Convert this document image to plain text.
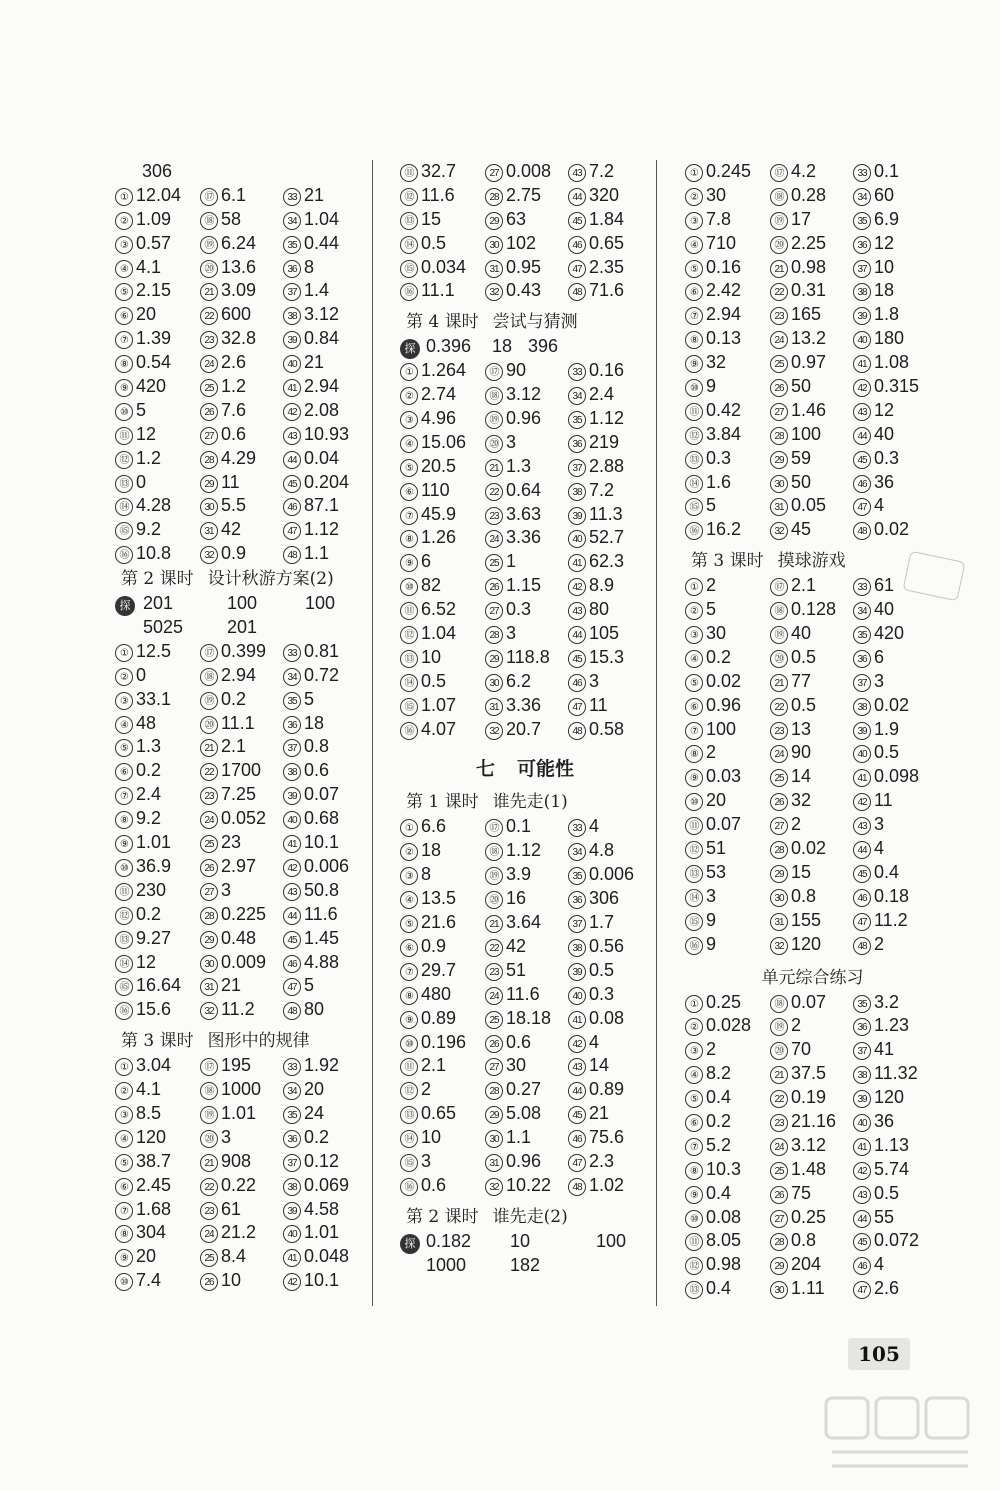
306
① 12.04	⑰ 6.1	33 21
② 1.09	⑱ 58	34 1.04
③ 0.57	⑲ 6.24	35 0.44
④ 4.1	⑳ 13.6	36 8
⑤ 2.15	21 3.09	37 1.4
⑥ 20	22 600	38 3.12
⑦ 1.39	23 32.8	39 0.84
⑧ 0.54	24 2.6	40 21
⑨ 420	25 1.2	41 2.94
⑩ 5	26 7.6	42 2.08
⑪ 12	27 0.6	43 10.93
⑫ 1.2	28 4.29	44 0.04
⑬ 0	29 11	45 0.204
⑭ 4.28	30 5.5	46 87.1
⑮ 9.2	31 42	47 1.12
⑯ 10.8	32 0.9	48 1.1
第 2 课时 设计秋游方案(2)
探 201	100	100
5025 201
① 12.5	⑰ 0.399	33 0.81
② 0	⑱ 2.94	34 0.72
③ 33.1	⑲ 0.2	35 5
④ 48	⑳ 11.1	36 18
⑤ 1.3	21 2.1	37 0.8
⑥ 0.2	22 1700	38 0.6
⑦ 2.4	23 7.25	39 0.07
⑧ 9.2	24 0.052	40 0.68
⑨ 1.01	25 23	41 10.1
⑩ 36.9	26 2.97	42 0.006
⑪ 230	27 3	43 50.8
⑫ 0.2	28 0.225	44 11.6
⑬ 9.27	29 0.48	45 1.45
⑭ 12	30 0.009	46 4.88
⑮ 16.64	31 21	47 5
⑯ 15.6	32 11.2	48 80
第 3 课时 图形中的规律
① 3.04	⑰ 195	33 1.92
② 4.1	⑱ 1000	34 20
③ 8.5	⑲ 1.01	35 24
④ 120	⑳ 3	36 0.2
⑤ 38.7	21 908	37 0.12
⑥ 2.45	22 0.22	38 0.069
⑦ 1.68	23 61	39 4.58
⑧ 304	24 21.2	40 1.01
⑨ 20	25 8.4	41 0.048
⑩ 7.4	26 10	42 10.1
⑪ 32.7	27 0.008	43 7.2
⑫ 11.6	28 2.75	44 320
⑬ 15	29 63	45 1.84
⑭ 0.5	30 102	46 0.65
⑮ 0.034	31 0.95	47 2.35
⑯ 11.1	32 0.43	48 71.6
第 4 课时 尝试与猜测
探 0.396 18 396
① 1.264	⑰ 90	33 0.16
② 2.74	⑱ 3.12	34 2.4
③ 4.96	⑲ 0.96	35 1.12
④ 15.06	⑳ 3	36 219
⑤ 20.5	21 1.3	37 2.88
⑥ 110	22 0.64	38 7.2
⑦ 45.9	23 3.63	39 11.3
⑧ 1.26	24 3.36	40 52.7
⑨ 6	25 1	41 62.3
⑩ 82	26 1.15	42 8.9
⑪ 6.52	27 0.3	43 80
⑫ 1.04	28 3	44 105
⑬ 10	29 118.8	45 15.3
⑭ 0.5	30 6.2	46 3
⑮ 1.07	31 3.36	47 11
⑯ 4.07	32 20.7	48 0.58
七 可能性
第 1 课时 谁先走(1)
① 6.6	⑰ 0.1	33 4
② 18	⑱ 1.12	34 4.8
③ 8	⑲ 3.9	35 0.006
④ 13.5	⑳ 16	36 306
⑤ 21.6	21 3.64	37 1.7
⑥ 0.9	22 42	38 0.56
⑦ 29.7	23 51	39 0.5
⑧ 480	24 11.6	40 0.3
⑨ 0.89	25 18.18	41 0.08
⑩ 0.196	26 0.6	42 4
⑪ 2.1	27 30	43 14
⑫ 2	28 0.27	44 0.89
⑬ 0.65	29 5.08	45 21
⑭ 10	30 1.1	46 75.6
⑮ 3	31 0.96	47 2.3
⑯ 0.6	32 10.22	48 1.02
第 2 课时 谁先走(2)
探 0.182 10	100
1000 182
① 0.245	⑰ 4.2	33 0.1
② 30	⑱ 0.28	34 60
③ 7.8	⑲ 17	35 6.9
④ 710	⑳ 2.25	36 12
⑤ 0.16	21 0.98	37 10
⑥ 2.42	22 0.31	38 18
⑦ 2.94	23 165	39 1.8
⑧ 0.13	24 13.2	40 180
⑨ 32	25 0.97	41 1.08
⑩ 9	26 50	42 0.315
⑪ 0.42	27 1.46	43 12
⑫ 3.84	28 100	44 40
⑬ 0.3	29 59	45 0.3
⑭ 1.6	30 50	46 36
⑮ 5	31 0.05	47 4
⑯ 16.2	32 45	48 0.02
第 3 课时 摸球游戏
① 2	⑰ 2.1	33 61
② 5	⑱ 0.128	34 40
③ 30	⑲ 40	35 420
④ 0.2	⑳ 0.5	36 6
⑤ 0.02	21 77	37 3
⑥ 0.96	22 0.5	38 0.02
⑦ 100	23 13	39 1.9
⑧ 2	24 90	40 0.5
⑨ 0.03	25 14	41 0.098
⑩ 20	26 32	42 11
⑪ 0.07	27 2	43 3
⑫ 51	28 0.02	44 4
⑬ 53	29 15	45 0.4
⑭ 3	30 0.8	46 0.18
⑮ 9	31 155	47 11.2
⑯ 9	32 120	48 2
单元综合练习
① 0.25	⑱ 0.07	35 3.2
② 0.028	⑲ 2	36 1.23
③ 2	⑳ 70	37 41
④ 8.2	21 37.5	38 11.32
⑤ 0.4	22 0.19	39 120
⑥ 0.2	23 21.16	40 36
⑦ 5.2	24 3.12	41 1.13
⑧ 10.3	25 1.48	42 5.74
⑨ 0.4	26 75	43 0.5
⑩ 0.08	27 0.25	44 55
⑪ 8.05	28 0.8	45 0.072
⑫ 0.98	29 204	46 4
⑬ 0.4	30 1.11	47 2.6
105
